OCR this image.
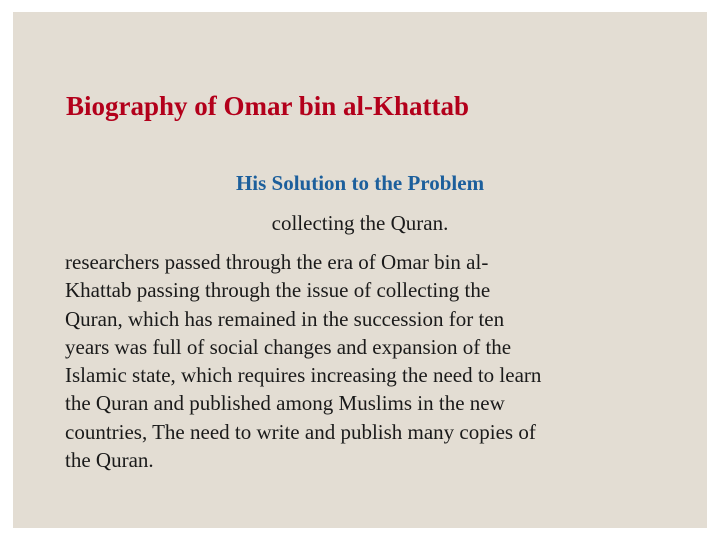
Biography of Omar bin al-Khattab
His Solution to the Problem
collecting the Quran.
researchers passed through the era of Omar bin al-
Khattab passing through the issue of collecting the
Quran, which has remained in the succession for ten
years was full of social changes and expansion of the
Islamic state, which requires increasing the need to learn
the Quran and published among Muslims in the new
countries, The need to write and publish many copies of
the Quran.
